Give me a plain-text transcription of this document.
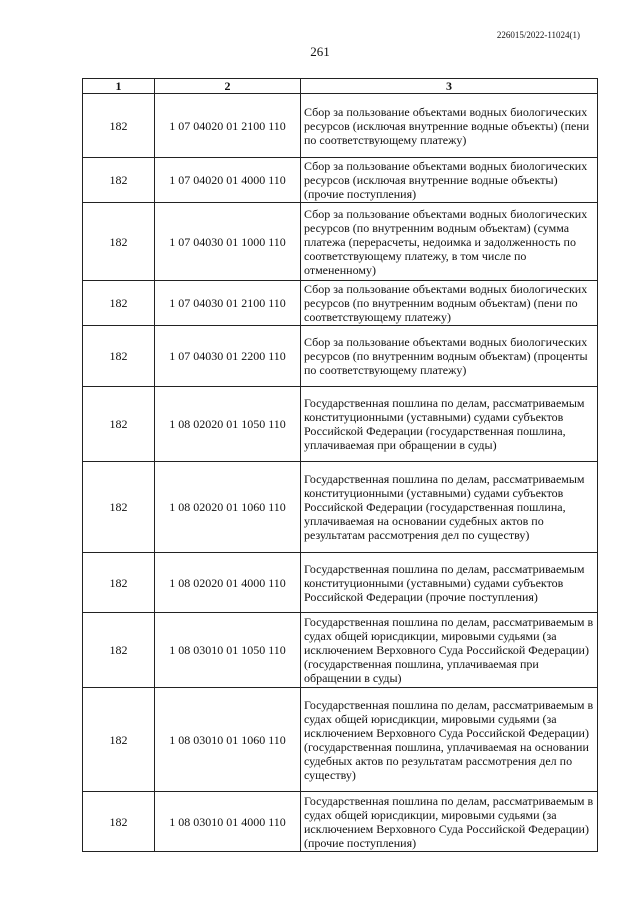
226015/2022-11024(1)
261
1	2	3
182	1 07 04020 01 2100 110	Сбор за пользование объектами водных биологических ресурсов (исключая внутренние водные объекты) (пени по соответствующему платежу)
182	1 07 04020 01 4000 110	Сбор за пользование объектами водных биологических ресурсов (исключая внутренние водные объекты) (прочие поступления)
182	1 07 04030 01 1000 110	Сбор за пользование объектами водных биологических ресурсов (по внутренним водным объектам) (сумма платежа (перерасчеты, недоимка и задолженность по соответствующему платежу, в том числе по отмененному)
182	1 07 04030 01 2100 110	Сбор за пользование объектами водных биологических ресурсов (по внутренним водным объектам) (пени по соответствующему платежу)
182	1 07 04030 01 2200 110	Сбор за пользование объектами водных биологических ресурсов (по внутренним водным объектам) (проценты по соответствующему платежу)
182	1 08 02020 01 1050 110	Государственная пошлина по делам, рассматриваемым конституционными (уставными) судами субъектов Российской Федерации (государственная пошлина, уплачиваемая при обращении в суды)
182	1 08 02020 01 1060 110	Государственная пошлина по делам, рассматриваемым конституционными (уставными) судами субъектов Российской Федерации (государственная пошлина, уплачиваемая на основании судебных актов по результатам рассмотрения дел по существу)
182	1 08 02020 01 4000 110	Государственная пошлина по делам, рассматриваемым конституционными (уставными) судами субъектов Российской Федерации (прочие поступления)
182	1 08 03010 01 1050 110	Государственная пошлина по делам, рассматриваемым в судах общей юрисдикции, мировыми судьями (за исключением Верховного Суда Российской Федерации) (государственная пошлина, уплачиваемая при обращении в суды)
182	1 08 03010 01 1060 110	Государственная пошлина по делам, рассматриваемым в судах общей юрисдикции, мировыми судьями (за исключением Верховного Суда Российской Федерации) (государственная пошлина, уплачиваемая на основании судебных актов по результатам рассмотрения дел по существу)
182	1 08 03010 01 4000 110	Государственная пошлина по делам, рассматриваемым в судах общей юрисдикции, мировыми судьями (за исключением Верховного Суда Российской Федерации) (прочие поступления)
